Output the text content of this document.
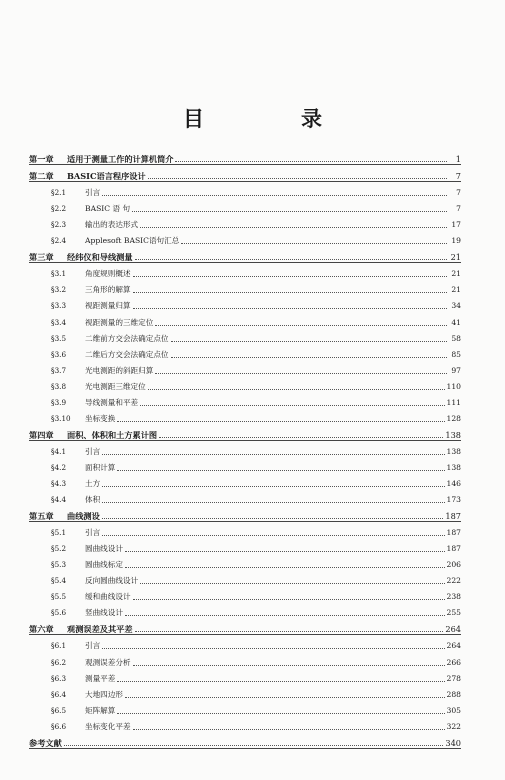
目　录
第一章	适用于测量工作的计算机简介	1
第二章	BASIC语言程序设计	7
§2.1	引言	7
§2.2	BASIC 语 句	7
§2.3	输出的表达形式	17
§2.4	Applesoft BASIC语句汇总	19
第三章	经纬仪和导线测量	21
§3.1	角度规则概述	21
§3.2	三角形的解算	21
§3.3	视距测量归算	34
§3.4	视距测量的三维定位	41
§3.5	二维前方交会法确定点位	58
§3.6	二维后方交会法确定点位	85
§3.7	光电测距的斜距归算	97
§3.8	光电测距三维定位	110
§3.9	导线测量和平差	111
§3.10	坐标变换	128
第四章	面积、体积和土方累计图	138
§4.1	引言	138
§4.2	面积计算	138
§4.3	土方	146
§4.4	体积	173
第五章	曲线测设	187
§5.1	引言	187
§5.2	圆曲线设计	187
§5.3	圆曲线标定	206
§5.4	反向圆曲线设计	222
§5.5	缓和曲线设计	238
§5.6	竖曲线设计	255
第六章	观测误差及其平差	264
§6.1	引言	264
§6.2	观测误差分析	266
§6.3	测量平差	278
§6.4	大地四边形	288
§6.5	矩阵解算	305
§6.6	坐标变化平差	322
参考文献	340
